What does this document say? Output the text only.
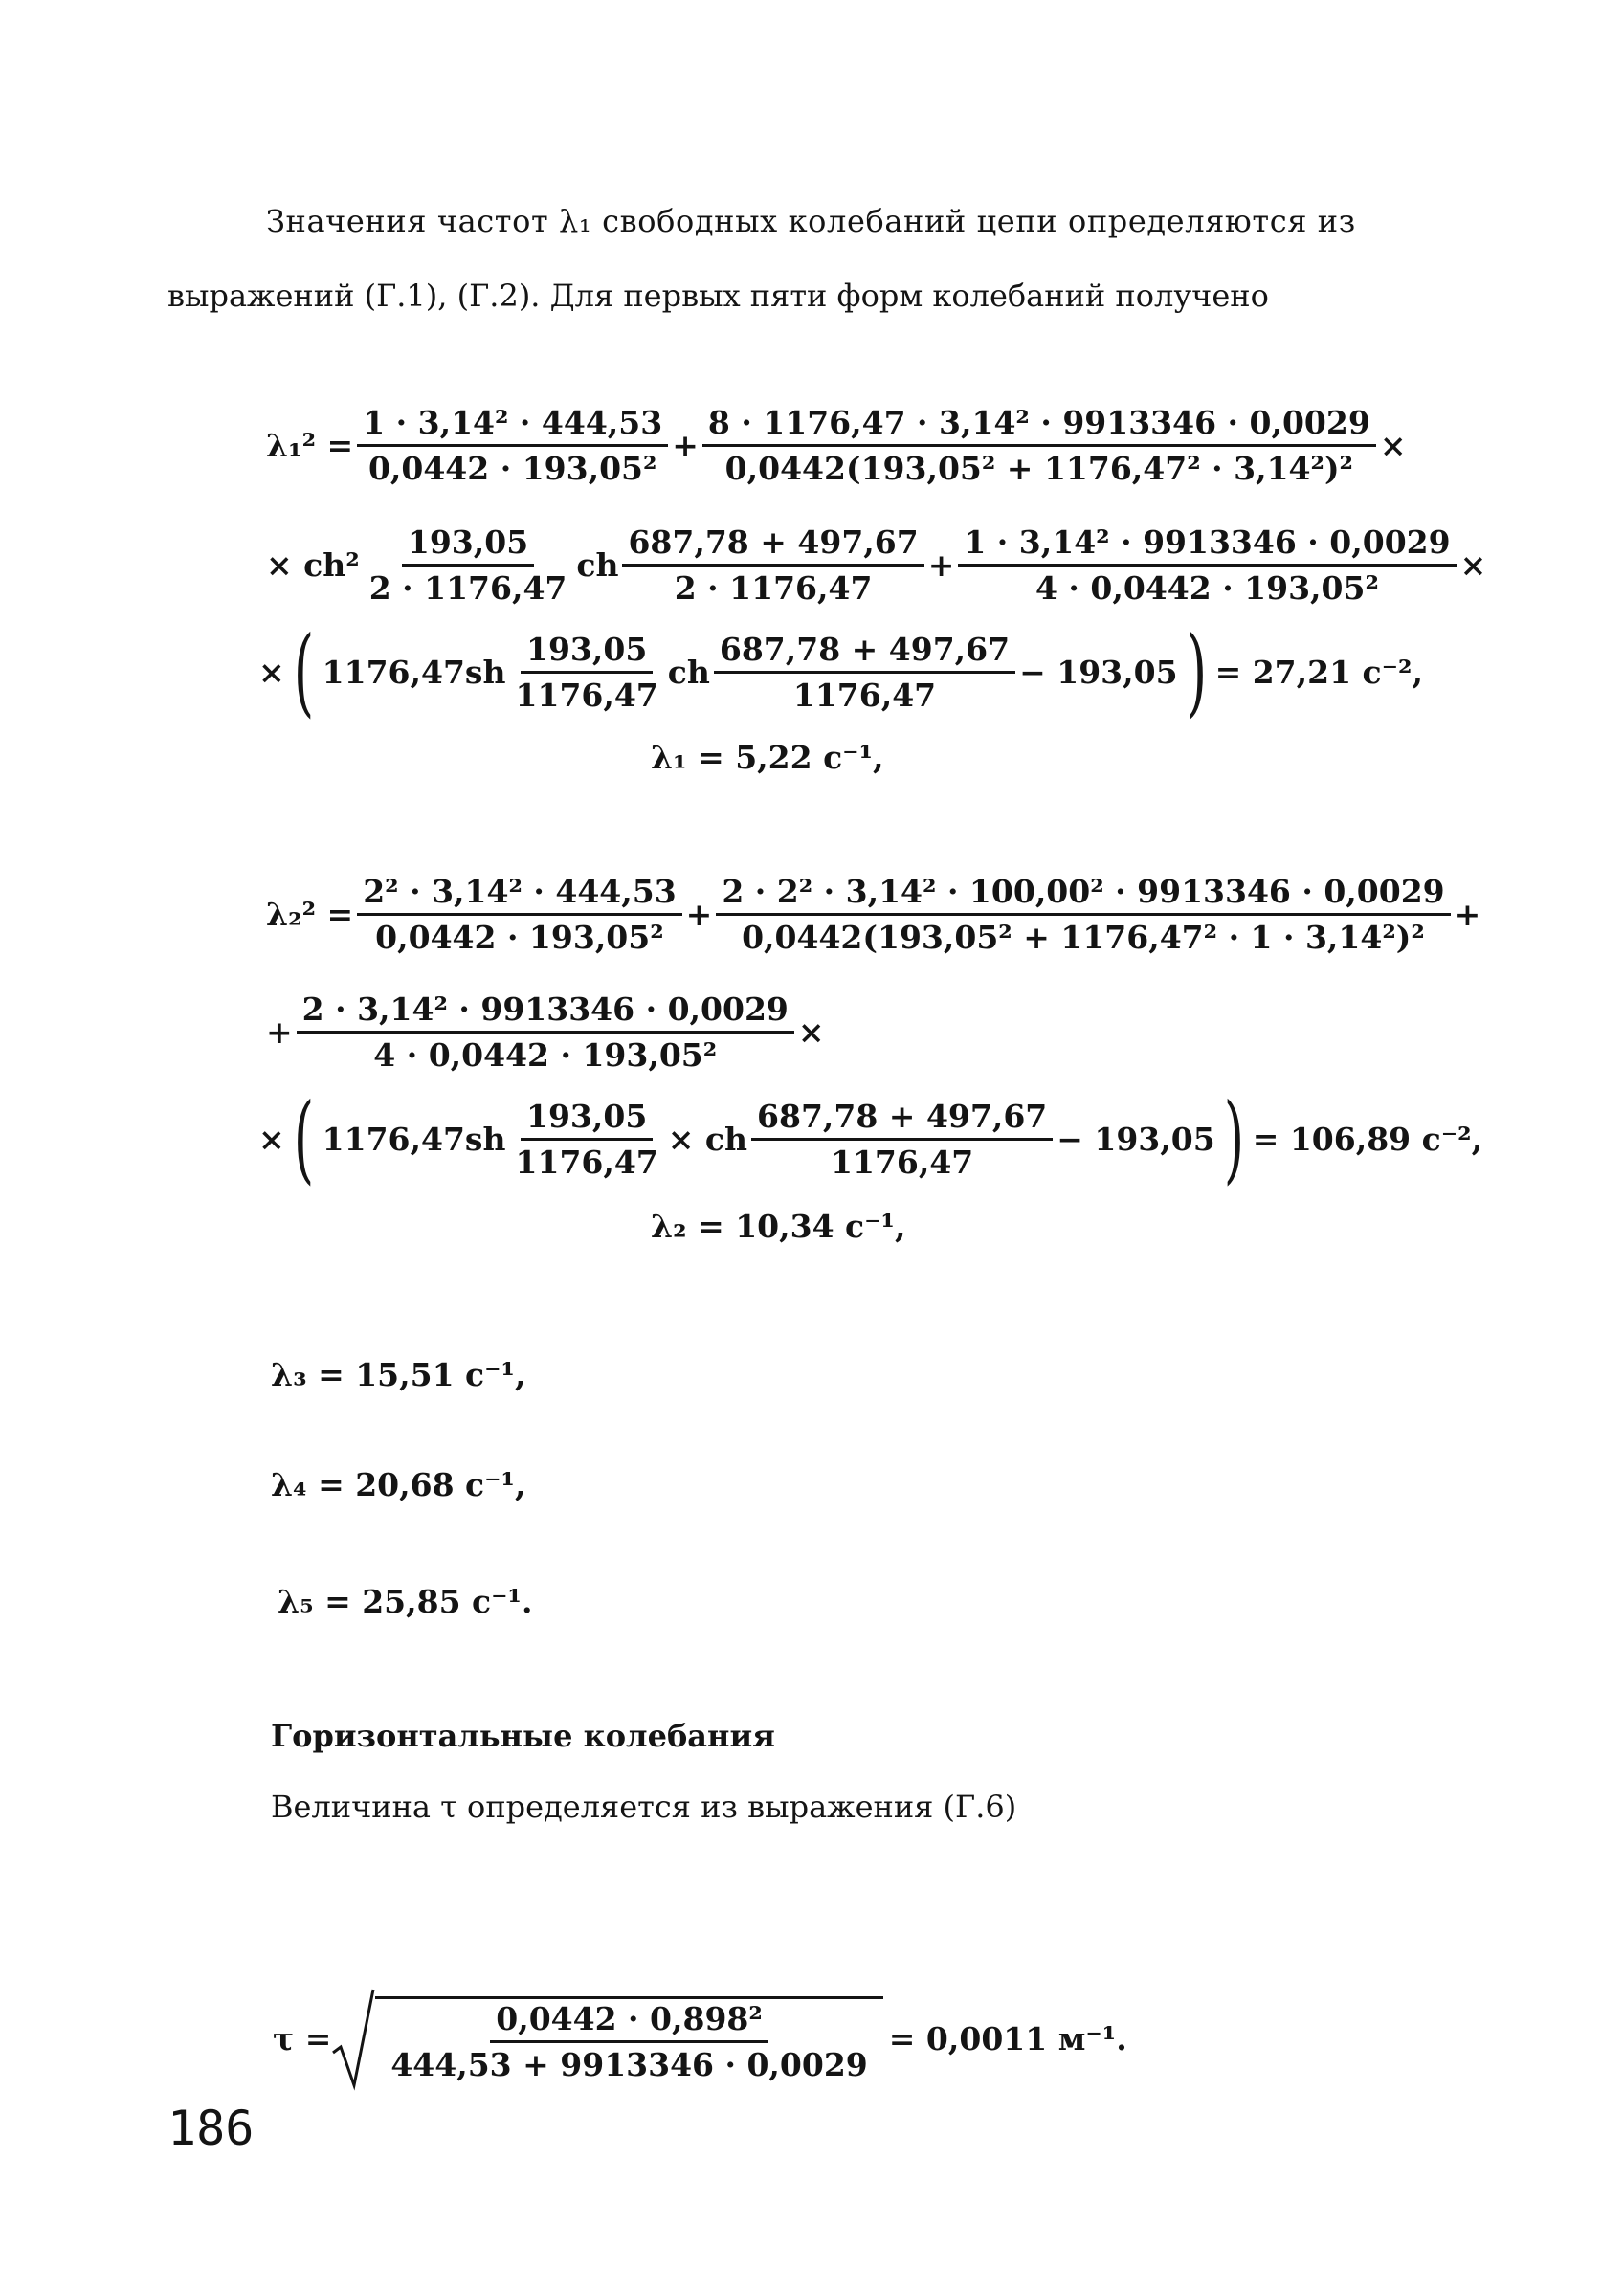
Значения частот λ₁ свободных колебаний цепи определяются из
выражений (Г.1), (Г.2). Для первых пяти форм колебаний получено
$\lambda_1^2 = \frac{\text{1 · 3,14² · 444,53}}{\text{0,0442 · 193,05²}} + \frac{\text{8 · 1176,47 · 3,14² · 9913346 · 0,0029}}{\text{0,0442(193,05² + 1176,47² · 3,14²)²}}$ ×
× $ch^2 \frac{193,05}{2 \cdot 1176,47}$ ch $\frac{687,78 + 497,67}{2 \cdot 1176,47} + \frac{\text{1 · 3,14² · 9913346 · 0,0029}}{\text{4 · 0,0442 · 193,05²}}$ ×
× ( $1176,47sh \frac{193,05}{1176,47}$ ch $\frac{687,78 + 497,67}{1176,47} - 193,05$ ) = 27,21 с⁻²,
λ₁ = 5,22 с⁻¹,
$\lambda_2^2 = \frac{\text{2² · 3,14² · 444,53}}{\text{0,0442 · 193,05²}} + \frac{\text{2 · 2² · 3,14² · 100,00² · 9913346 · 0,0029}}{\text{0,0442(193,05² + 1176,47² · 1 · 3,14²)²}}$ +
+ $\frac{\text{2 · 3,14² · 9913346 · 0,0029}}{\text{4 · 0,0442 · 193,05²}}$ ×
× ( $1176,47sh \frac{193,05}{1176,47}$ × ch $\frac{687,78 + 497,67}{1176,47} - 193,05$ ) = 106,89 с⁻²,
λ₂ = 10,34 с⁻¹,
λ₃ = 15,51 с⁻¹,
λ₄ = 20,68 с⁻¹,
λ₅ = 25,85 с⁻¹.
Горизонтальные колебания
Величина τ определяется из выражения (Г.6)
$\tau = \frac{\text{0,0442 · 0,898²}}{444,53 + 9913346 \cdot 0,0029} = 0,0011$ м⁻¹.
186
